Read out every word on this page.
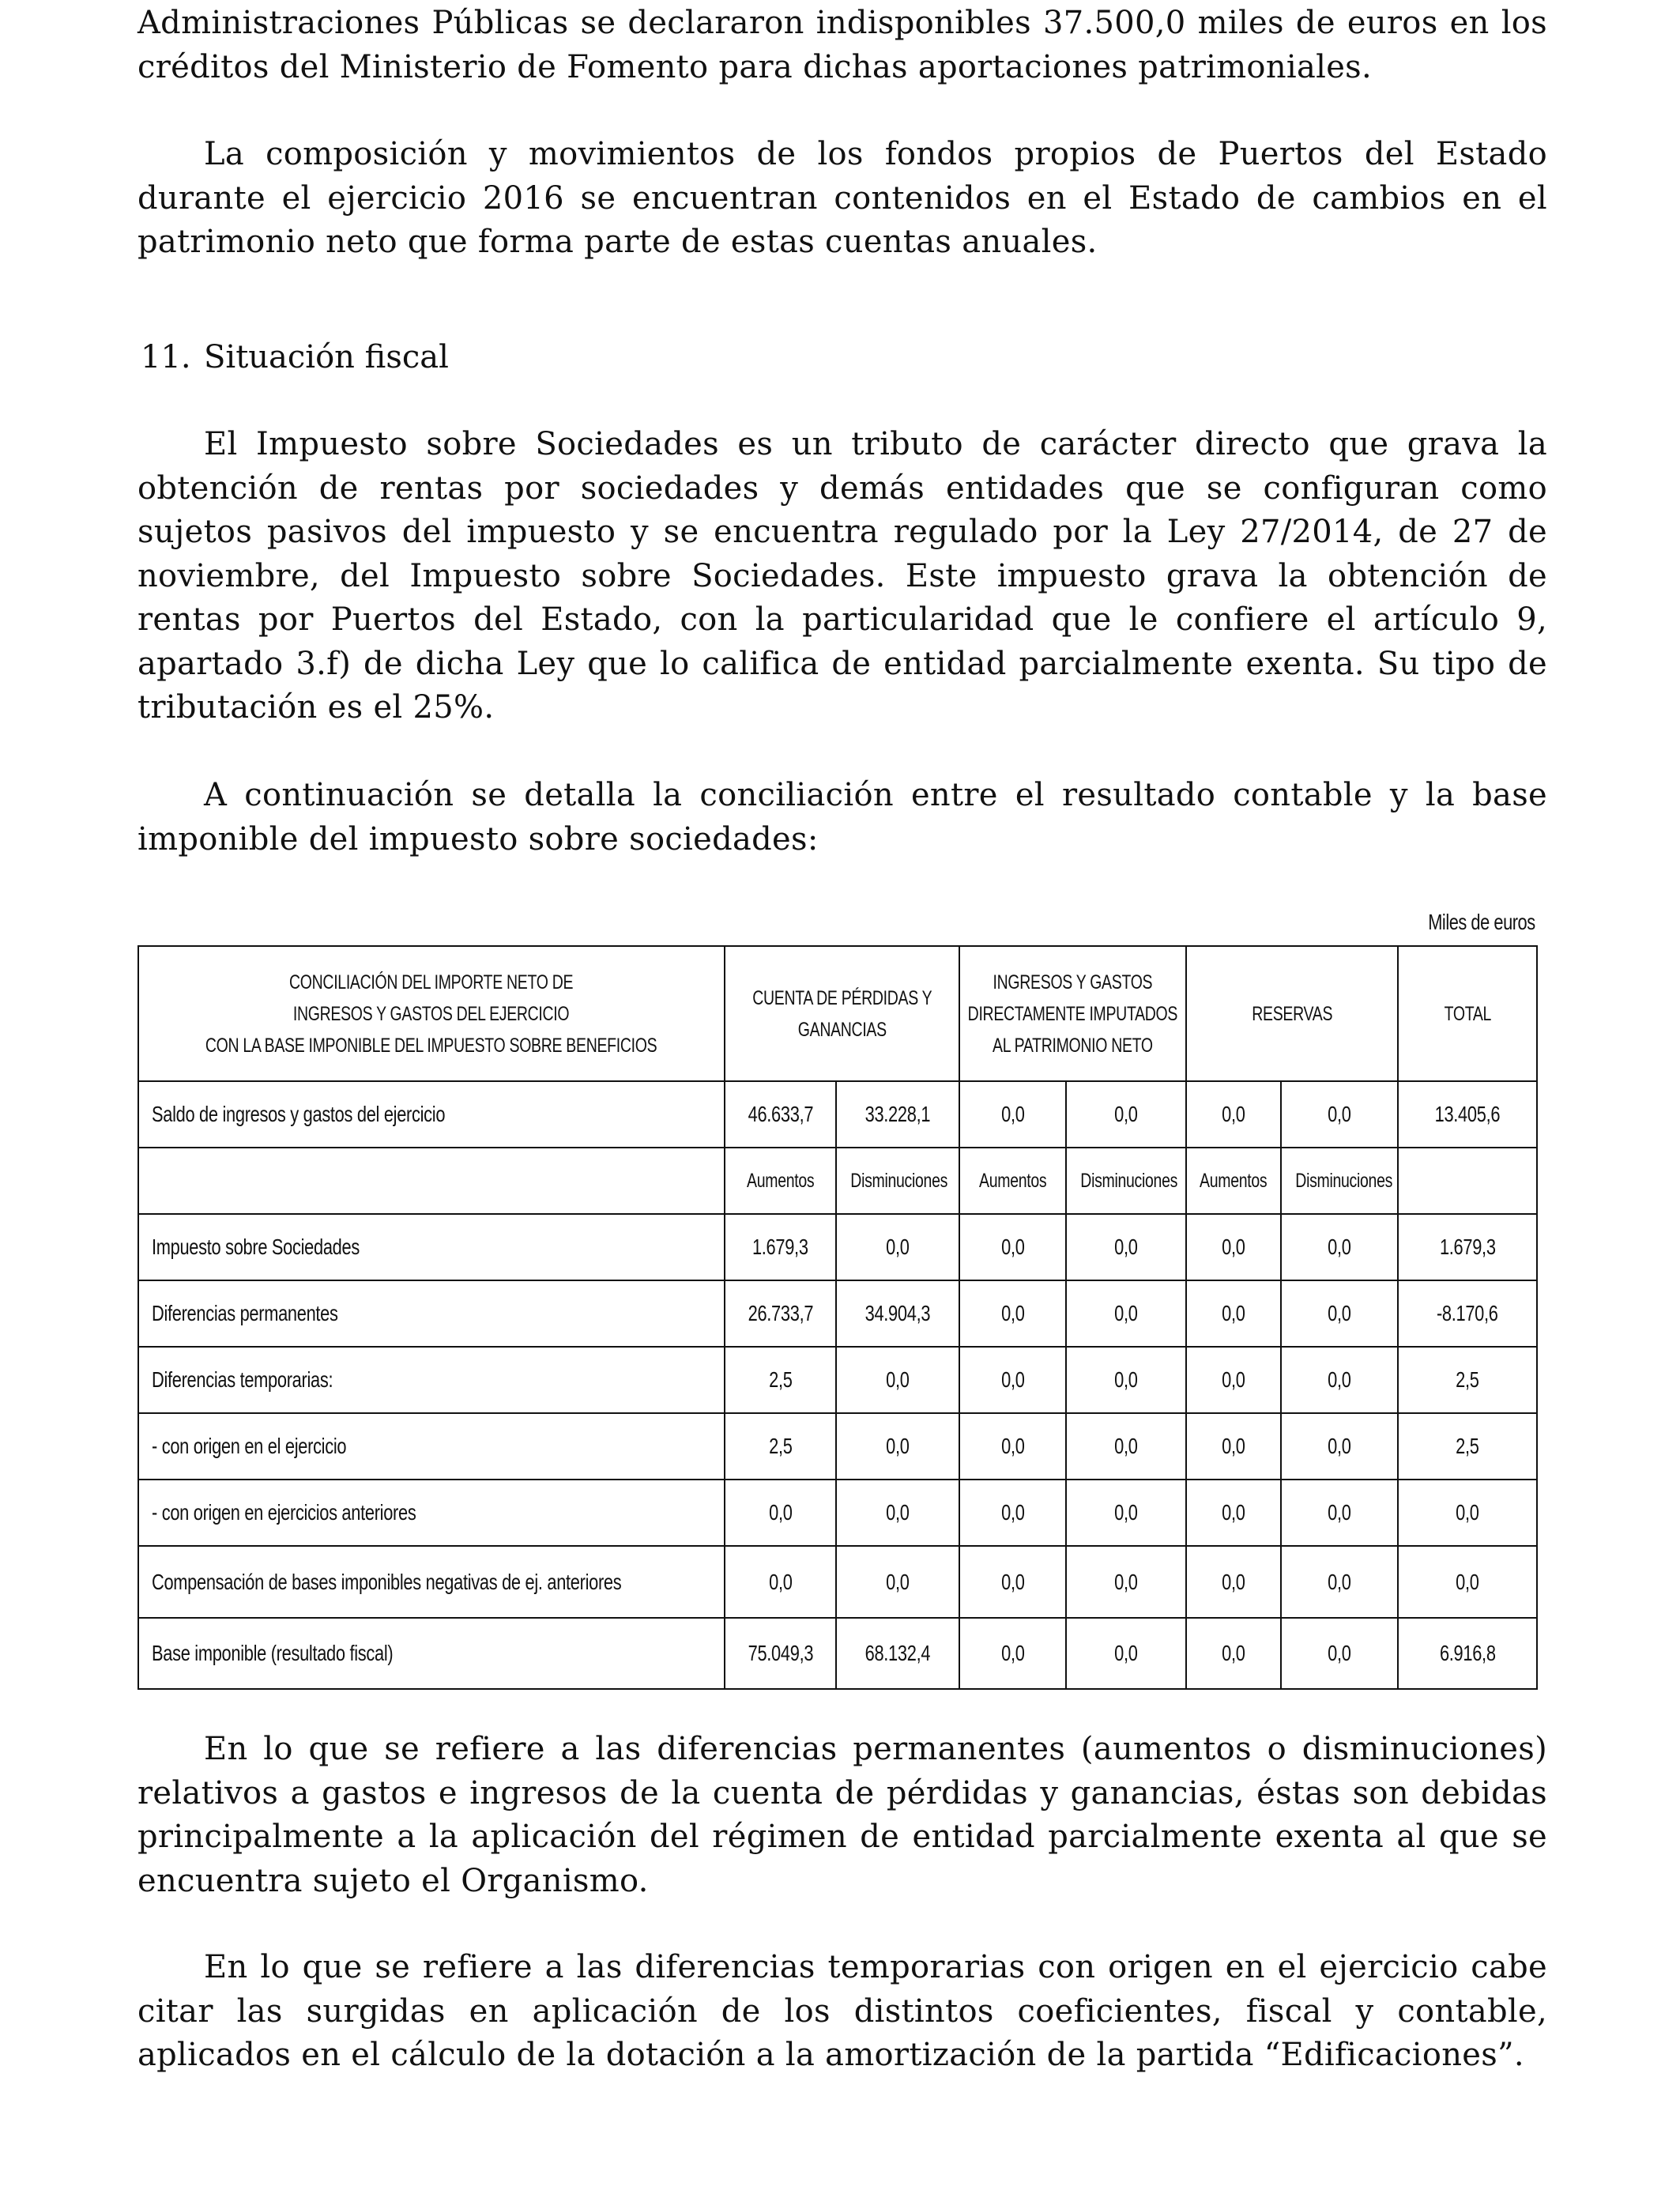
Administraciones Públicas se declararon indisponibles 37.500,0 miles de euros en los créditos del Ministerio de Fomento para dichas aportaciones patrimoniales.

La composición y movimientos de los fondos propios de Puertos del Estado durante el ejercicio 2016 se encuentran contenidos en el Estado de cambios en el patrimonio neto que forma parte de estas cuentas anuales.

11. Situación fiscal

El Impuesto sobre Sociedades es un tributo de carácter directo que grava la obtención de rentas por sociedades y demás entidades que se configuran como sujetos pasivos del impuesto y se encuentra regulado por la Ley 27/2014, de 27 de noviembre, del Impuesto sobre Sociedades. Este impuesto grava la obtención de rentas por Puertos del Estado, con la particularidad que le confiere el artículo 9, apartado 3.f) de dicha Ley que lo califica de entidad parcialmente exenta. Su tipo de tributación es el 25%.

A continuación se detalla la conciliación entre el resultado contable y la base imponible del impuesto sobre sociedades:

Miles de euros
CONCILIACIÓN DEL IMPORTE NETO DE
INGRESOS Y GASTOS DEL EJERCICIO
CON LA BASE IMPONIBLE DEL IMPUESTO SOBRE BENEFICIOS	CUENTA DE PÉRDIDAS Y
GANANCIAS		INGRESOS Y GASTOS
DIRECTAMENTE IMPUTADOS
AL PATRIMONIO NETO		RESERVAS		TOTAL
Saldo de ingresos y gastos del ejercicio	46.633,7	33.228,1	0,0	0,0	0,0	0,0	13.405,6
	Aumentos	Disminuciones	Aumentos	Disminuciones	Aumentos	Disminuciones	
Impuesto sobre Sociedades	1.679,3	0,0	0,0	0,0	0,0	0,0	1.679,3
Diferencias permanentes	26.733,7	34.904,3	0,0	0,0	0,0	0,0	-8.170,6
Diferencias temporarias:	2,5	0,0	0,0	0,0	0,0	0,0	2,5
- con origen en el ejercicio	2,5	0,0	0,0	0,0	0,0	0,0	2,5
- con origen en ejercicios anteriores	0,0	0,0	0,0	0,0	0,0	0,0	0,0
Compensación de bases imponibles negativas de ej. anteriores	0,0	0,0	0,0	0,0	0,0	0,0	0,0
Base imponible (resultado fiscal)	75.049,3	68.132,4	0,0	0,0	0,0	0,0	6.916,8

En lo que se refiere a las diferencias permanentes (aumentos o disminuciones) relativos a gastos e ingresos de la cuenta de pérdidas y ganancias, éstas son debidas principalmente a la aplicación del régimen de entidad parcialmente exenta al que se encuentra sujeto el Organismo.

En lo que se refiere a las diferencias temporarias con origen en el ejercicio cabe citar las surgidas en aplicación de los distintos coeficientes, fiscal y contable, aplicados en el cálculo de la dotación a la amortización de la partida “Edificaciones”.
